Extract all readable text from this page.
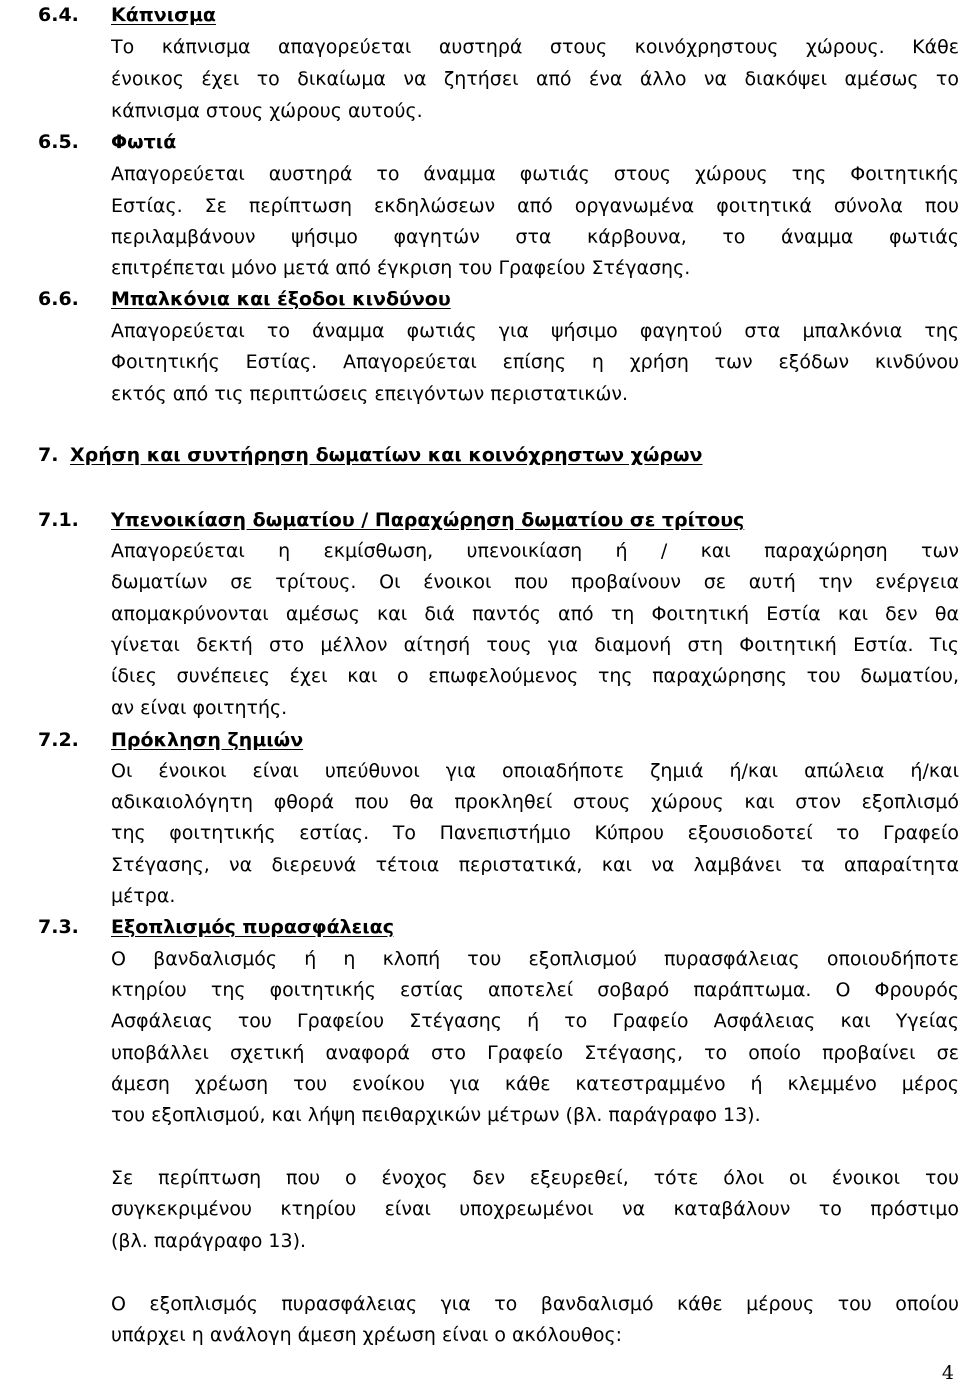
6.4. Κάπνισμα
Το κάπνισμα απαγορεύεται αυστηρά στους κοινόχρηστους χώρους. Κάθε
ένοικος έχει το δικαίωμα να ζητήσει από ένα άλλο να διακόψει αμέσως το
κάπνισμα στους χώρους αυτούς.
6.5. Φωτιά
Απαγορεύεται αυστηρά το άναμμα φωτιάς στους χώρους της Φοιτητικής
Εστίας. Σε περίπτωση εκδηλώσεων από οργανωμένα φοιτητικά σύνολα που
περιλαμβάνουν ψήσιμο φαγητών στα κάρβουνα, το άναμμα φωτιάς
επιτρέπεται μόνο μετά από έγκριση του Γραφείου Στέγασης.
6.6. Μπαλκόνια και έξοδοι κινδύνου
Απαγορεύεται το άναμμα φωτιάς για ψήσιμο φαγητού στα μπαλκόνια της
Φοιτητικής Εστίας. Απαγορεύεται επίσης η χρήση των εξόδων κινδύνου
εκτός από τις περιπτώσεις επειγόντων περιστατικών.
7. Χρήση και συντήρηση δωματίων και κοινόχρηστων χώρων
7.1. Υπενοικίαση δωματίου / Παραχώρηση δωματίου σε τρίτους
Απαγορεύεται η εκμίσθωση, υπενοικίαση ή / και παραχώρηση των
δωματίων σε τρίτους. Οι ένοικοι που προβαίνουν σε αυτή την ενέργεια
απομακρύνονται αμέσως και διά παντός από τη Φοιτητική Εστία και δεν θα
γίνεται δεκτή στο μέλλον αίτησή τους για διαμονή στη Φοιτητική Εστία. Τις
ίδιες συνέπειες έχει και ο επωφελούμενος της παραχώρησης του δωματίου,
αν είναι φοιτητής.
7.2. Πρόκληση ζημιών
Οι ένοικοι είναι υπεύθυνοι για οποιαδήποτε ζημιά ή/και απώλεια ή/και
αδικαιολόγητη φθορά που θα προκληθεί στους χώρους και στον εξοπλισμό
της φοιτητικής εστίας. Το Πανεπιστήμιο Κύπρου εξουσιοδοτεί το Γραφείο
Στέγασης, να διερευνά τέτοια περιστατικά, και να λαμβάνει τα απαραίτητα
μέτρα.
7.3. Εξοπλισμός πυρασφάλειας
Ο βανδαλισμός ή η κλοπή του εξοπλισμού πυρασφάλειας οποιουδήποτε
κτηρίου της φοιτητικής εστίας αποτελεί σοβαρό παράπτωμα. Ο Φρουρός
Ασφάλειας του Γραφείου Στέγασης ή το Γραφείο Ασφάλειας και Υγείας
υποβάλλει σχετική αναφορά στο Γραφείο Στέγασης, το οποίο προβαίνει σε
άμεση χρέωση του ενοίκου για κάθε κατεστραμμένο ή κλεμμένο μέρος
του εξοπλισμού, και λήψη πειθαρχικών μέτρων (βλ. παράγραφο 13).
Σε περίπτωση που ο ένοχος δεν εξευρεθεί, τότε όλοι οι ένοικοι του
συγκεκριμένου κτηρίου είναι υποχρεωμένοι να καταβάλουν το πρόστιμο
(βλ. παράγραφο 13).
Ο εξοπλισμός πυρασφάλειας για το βανδαλισμό κάθε μέρους του οποίου
υπάρχει η ανάλογη άμεση χρέωση είναι ο ακόλουθος:
4
